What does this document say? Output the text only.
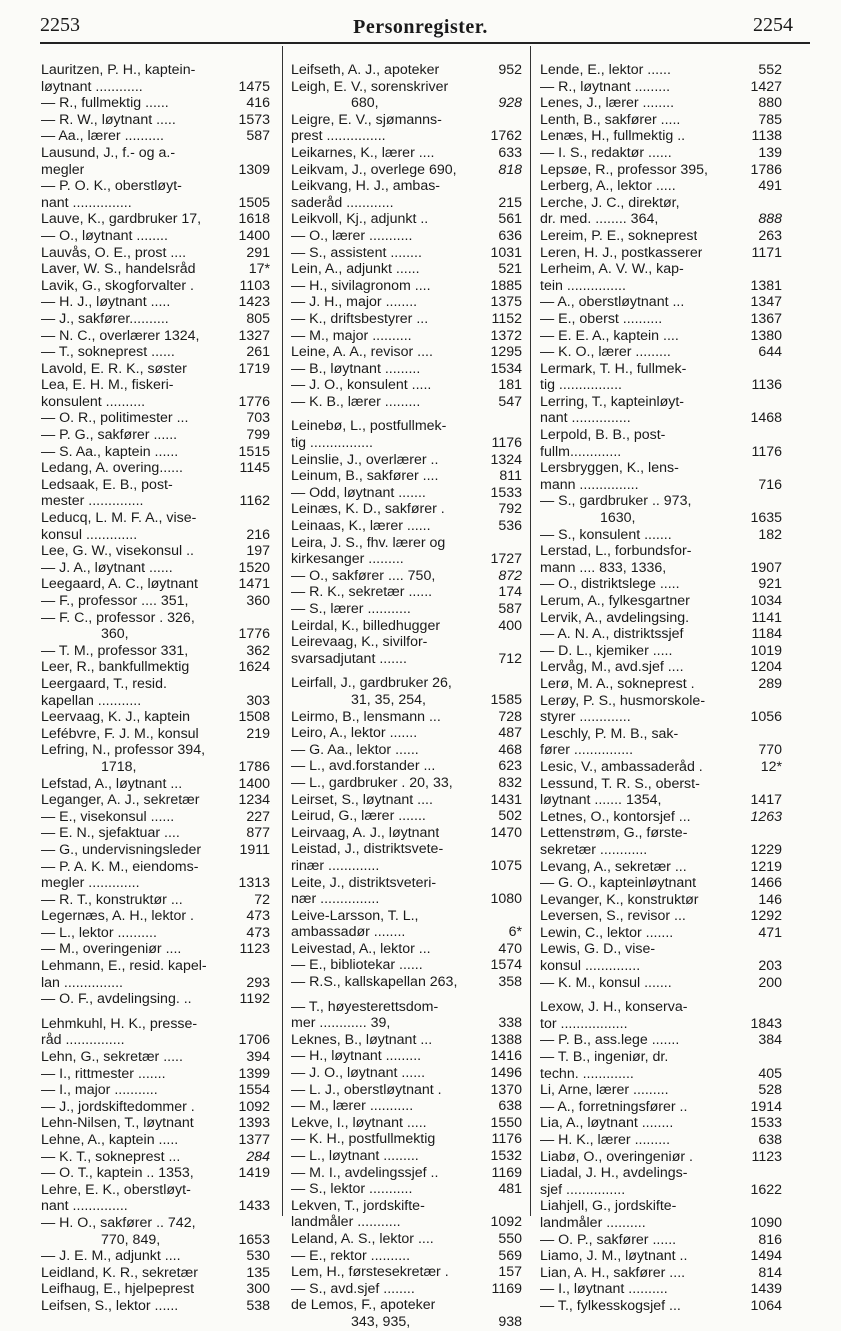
2253	Personregister.	2254
Lauritzen, P. H., kaptein-
løytnant ............	1475
— R., fullmektig ......	416
— R. W., løytnant .....	1573
— Aa., lærer ..........	587
Lausund, J., f.- og a.-
megler	1309
— P. O. K., oberstløyt-
nant ...............	1505
Lauve, K., gardbruker 17,	1618
— O., løytnant ........	1400
Lauvås, O. E., prost ....	291
Laver, W. S., handelsråd	17*
Lavik, G., skogforvalter .	1103
— H. J., løytnant .....	1423
— J., sakfører..........	805
— N. C., overlærer 1324,	1327
— T., sokneprest ......	261
Lavold, E. R. K., søster	1719
Lea, E. H. M., fiskeri-
konsulent ..........	1776
— O. R., politimester ...	703
— P. G., sakfører ......	799
— S. Aa., kaptein ......	1515
Ledang, A. overing......	1145
Ledsaak, E. B., post-
mester ..............	1162
Leducq, L. M. F. A., vise-
konsul .............	216
Lee, G. W., visekonsul ..	197
— J. A., løytnant ......	1520
Leegaard, A. C., løytnant	1471
— F., professor .... 351,	360
— F. C., professor . 326,
360,	1776
— T. M., professor 331,	362
Leer, R., bankfullmektig	1624
Leergaard, T., resid.
kapellan ...........	303
Leervaag, K. J., kaptein	1508
Lefébvre, F. J. M., konsul	219
Lefring, N., professor 394,
1718,	1786
Lefstad, A., løytnant ...	1400
Leganger, A. J., sekretær	1234
— E., visekonsul ......	227
— E. N., sjefaktuar ....	877
— G., undervisningsleder	1911
— P. A. K. M., eiendoms-
megler .............	1313
— R. T., konstruktør ...	72
Legernæs, A. H., lektor .	473
— L., lektor ..........	473
— M., overingeniør ....	1123
Lehmann, E., resid. kapel-
lan ...............	293
— O. F., avdelingsing. ..	1192
Lehmkuhl, H. K., presse-
råd ...............	1706
Lehn, G., sekretær .....	394
— I., rittmester .......	1399
— I., major ...........	1554
— J., jordskiftedommer .	1092
Lehn-Nilsen, T., løytnant	1393
Lehne, A., kaptein .....	1377
— K. T., sokneprest ...	284
— O. T., kaptein .. 1353,	1419
Lehre, E. K., oberstløyt-
nant ..............	1433
— H. O., sakfører .. 742,
770, 849,	1653
— J. E. M., adjunkt ....	530
Leidland, K. R., sekretær	135
Leifhaug, E., hjelpeprest	300
Leifsen, S., lektor ......	538
Leifseth, A. J., apoteker	952
Leigh, E. V., sorenskriver
680,	928
Leigre, E. V., sjømanns-
prest ...............	1762
Leikarnes, K., lærer ....	633
Leikvam, J., overlege 690,	818
Leikvang, H. J., ambas-
saderåd ............	215
Leikvoll, Kj., adjunkt ..	561
— O., lærer ...........	636
— S., assistent ........	1031
Lein, A., adjunkt ......	521
— H., sivilagronom ....	1885
— J. H., major ........	1375
— K., driftsbestyrer ...	1152
— M., major ..........	1372
Leine, A. A., revisor ....	1295
— B., løytnant .........	1534
— J. O., konsulent .....	181
— K. B., lærer .........	547
Leinebø, L., postfullmek-
tig ................	1176
Leinslie, J., overlærer ..	1324
Leinum, B., sakfører ....	811
— Odd, løytnant .......	1533
Leinæs, K. D., sakfører .	792
Leinaas, K., lærer ......	536
Leira, J. S., fhv. lærer og
kirkesanger .........	1727
— O., sakfører .... 750,	872
— R. K., sekretær ......	174
— S., lærer ...........	587
Leirdal, K., billedhugger	400
Leirevaag, K., sivilfor-
svarsadjutant .......	712
Leirfall, J., gardbruker 26,
31, 35, 254,	1585
Leirmo, B., lensmann ...	728
Leiro, A., lektor .......	487
— G. Aa., lektor ......	468
— L., avd.forstander ...	623
— L., gardbruker . 20, 33,	832
Leirset, S., løytnant ....	1431
Leirud, G., lærer .......	502
Leirvaag, A. J., løytnant	1470
Leistad, J., distriktsvete-
rinær .............	1075
Leite, J., distriktsveteri-
nær ...............	1080
Leive-Larsson, T. L.,
ambassadør ........	6*
Leivestad, A., lektor ...	470
— E., bibliotekar ......	1574
— R.S., kallskapellan 263,	358
— T., høyesterettsdom-
mer ............ 39,	338
Leknes, B., løytnant ...	1388
— H., løytnant .........	1416
— J. O., løytnant ......	1496
— L. J., oberstløytnant .	1370
— M., lærer ...........	638
Lekve, I., løytnant .....	1550
— K. H., postfullmektig	1176
— L., løytnant .........	1532
— M. I., avdelingssjef ..	1169
— S., lektor ...........	481
Lekven, T., jordskifte-
landmåler ...........	1092
Leland, A. S., lektor ....	550
— E., rektor ..........	569
Lem, H., førstesekretær .	157
— S., avd.sjef ........	1169
de Lemos, F., apoteker
343, 935,	938
Lende, E., lektor ......	552
— R., løytnant .........	1427
Lenes, J., lærer ........	880
Lenth, B., sakfører .....	785
Lenæs, H., fullmektig ..	1138
— I. S., redaktør ......	139
Lepsøe, R., professor 395,	1786
Lerberg, A., lektor .....	491
Lerche, J. C., direktør,
dr. med. ........ 364,	888
Lereim, P. E., sokneprest	263
Leren, H. J., postkasserer	1171
Lerheim, A. V. W., kap-
tein ...............	1381
— A., oberstløytnant ...	1347
— E., oberst ..........	1367
— E. E. A., kaptein ....	1380
— K. O., lærer .........	644
Lermark, T. H., fullmek-
tig ................	1136
Lerring, T., kapteinløyt-
nant ...............	1468
Lerpold, B. B., post-
fullm.............	1176
Lersbryggen, K., lens-
mann ...............	716
— S., gardbruker .. 973,
1630,	1635
— S., konsulent .......	182
Lerstad, L., forbundsfor-
mann .... 833, 1336,	1907
— O., distriktslege .....	921
Lerum, A., fylkesgartner	1034
Lervik, A., avdelingsing.	1141
— A. N. A., distriktssjef	1184
— D. L., kjemiker .....	1019
Lervåg, M., avd.sjef ....	1204
Lerø, M. A., sokneprest .	289
Lerøy, P. S., husmorskole-
styrer .............	1056
Leschly, P. M. B., sak-
fører ...............	770
Lesic, V., ambassaderåd .	12*
Lessund, T. R. S., oberst-
løytnant ....... 1354,	1417
Letnes, O., kontorsjef ...	1263
Lettenstrøm, G., første-
sekretær ............	1229
Levang, A., sekretær ...	1219
— G. O., kapteinløytnant	1466
Levanger, K., konstruktør	146
Leversen, S., revisor ...	1292
Lewin, C., lektor .......	471
Lewis, G. D., vise-
konsul ..............	203
— K. M., konsul .......	200
Lexow, J. H., konserva-
tor .................	1843
— P. B., ass.lege .......	384
— T. B., ingeniør, dr.
techn. .............	405
Li, Arne, lærer .........	528
— A., forretningsfører ..	1914
Lia, A., løytnant ........	1533
— H. K., lærer .........	638
Liabø, O., overingeniør .	1123
Liadal, J. H., avdelings-
sjef ...............	1622
Liahjell, G., jordskifte-
landmåler ..........	1090
— O. P., sakfører ......	816
Liamo, J. M., løytnant ..	1494
Lian, A. H., sakfører ....	814
— I., løytnant ..........	1439
— T., fylkesskogsjef ...	1064
